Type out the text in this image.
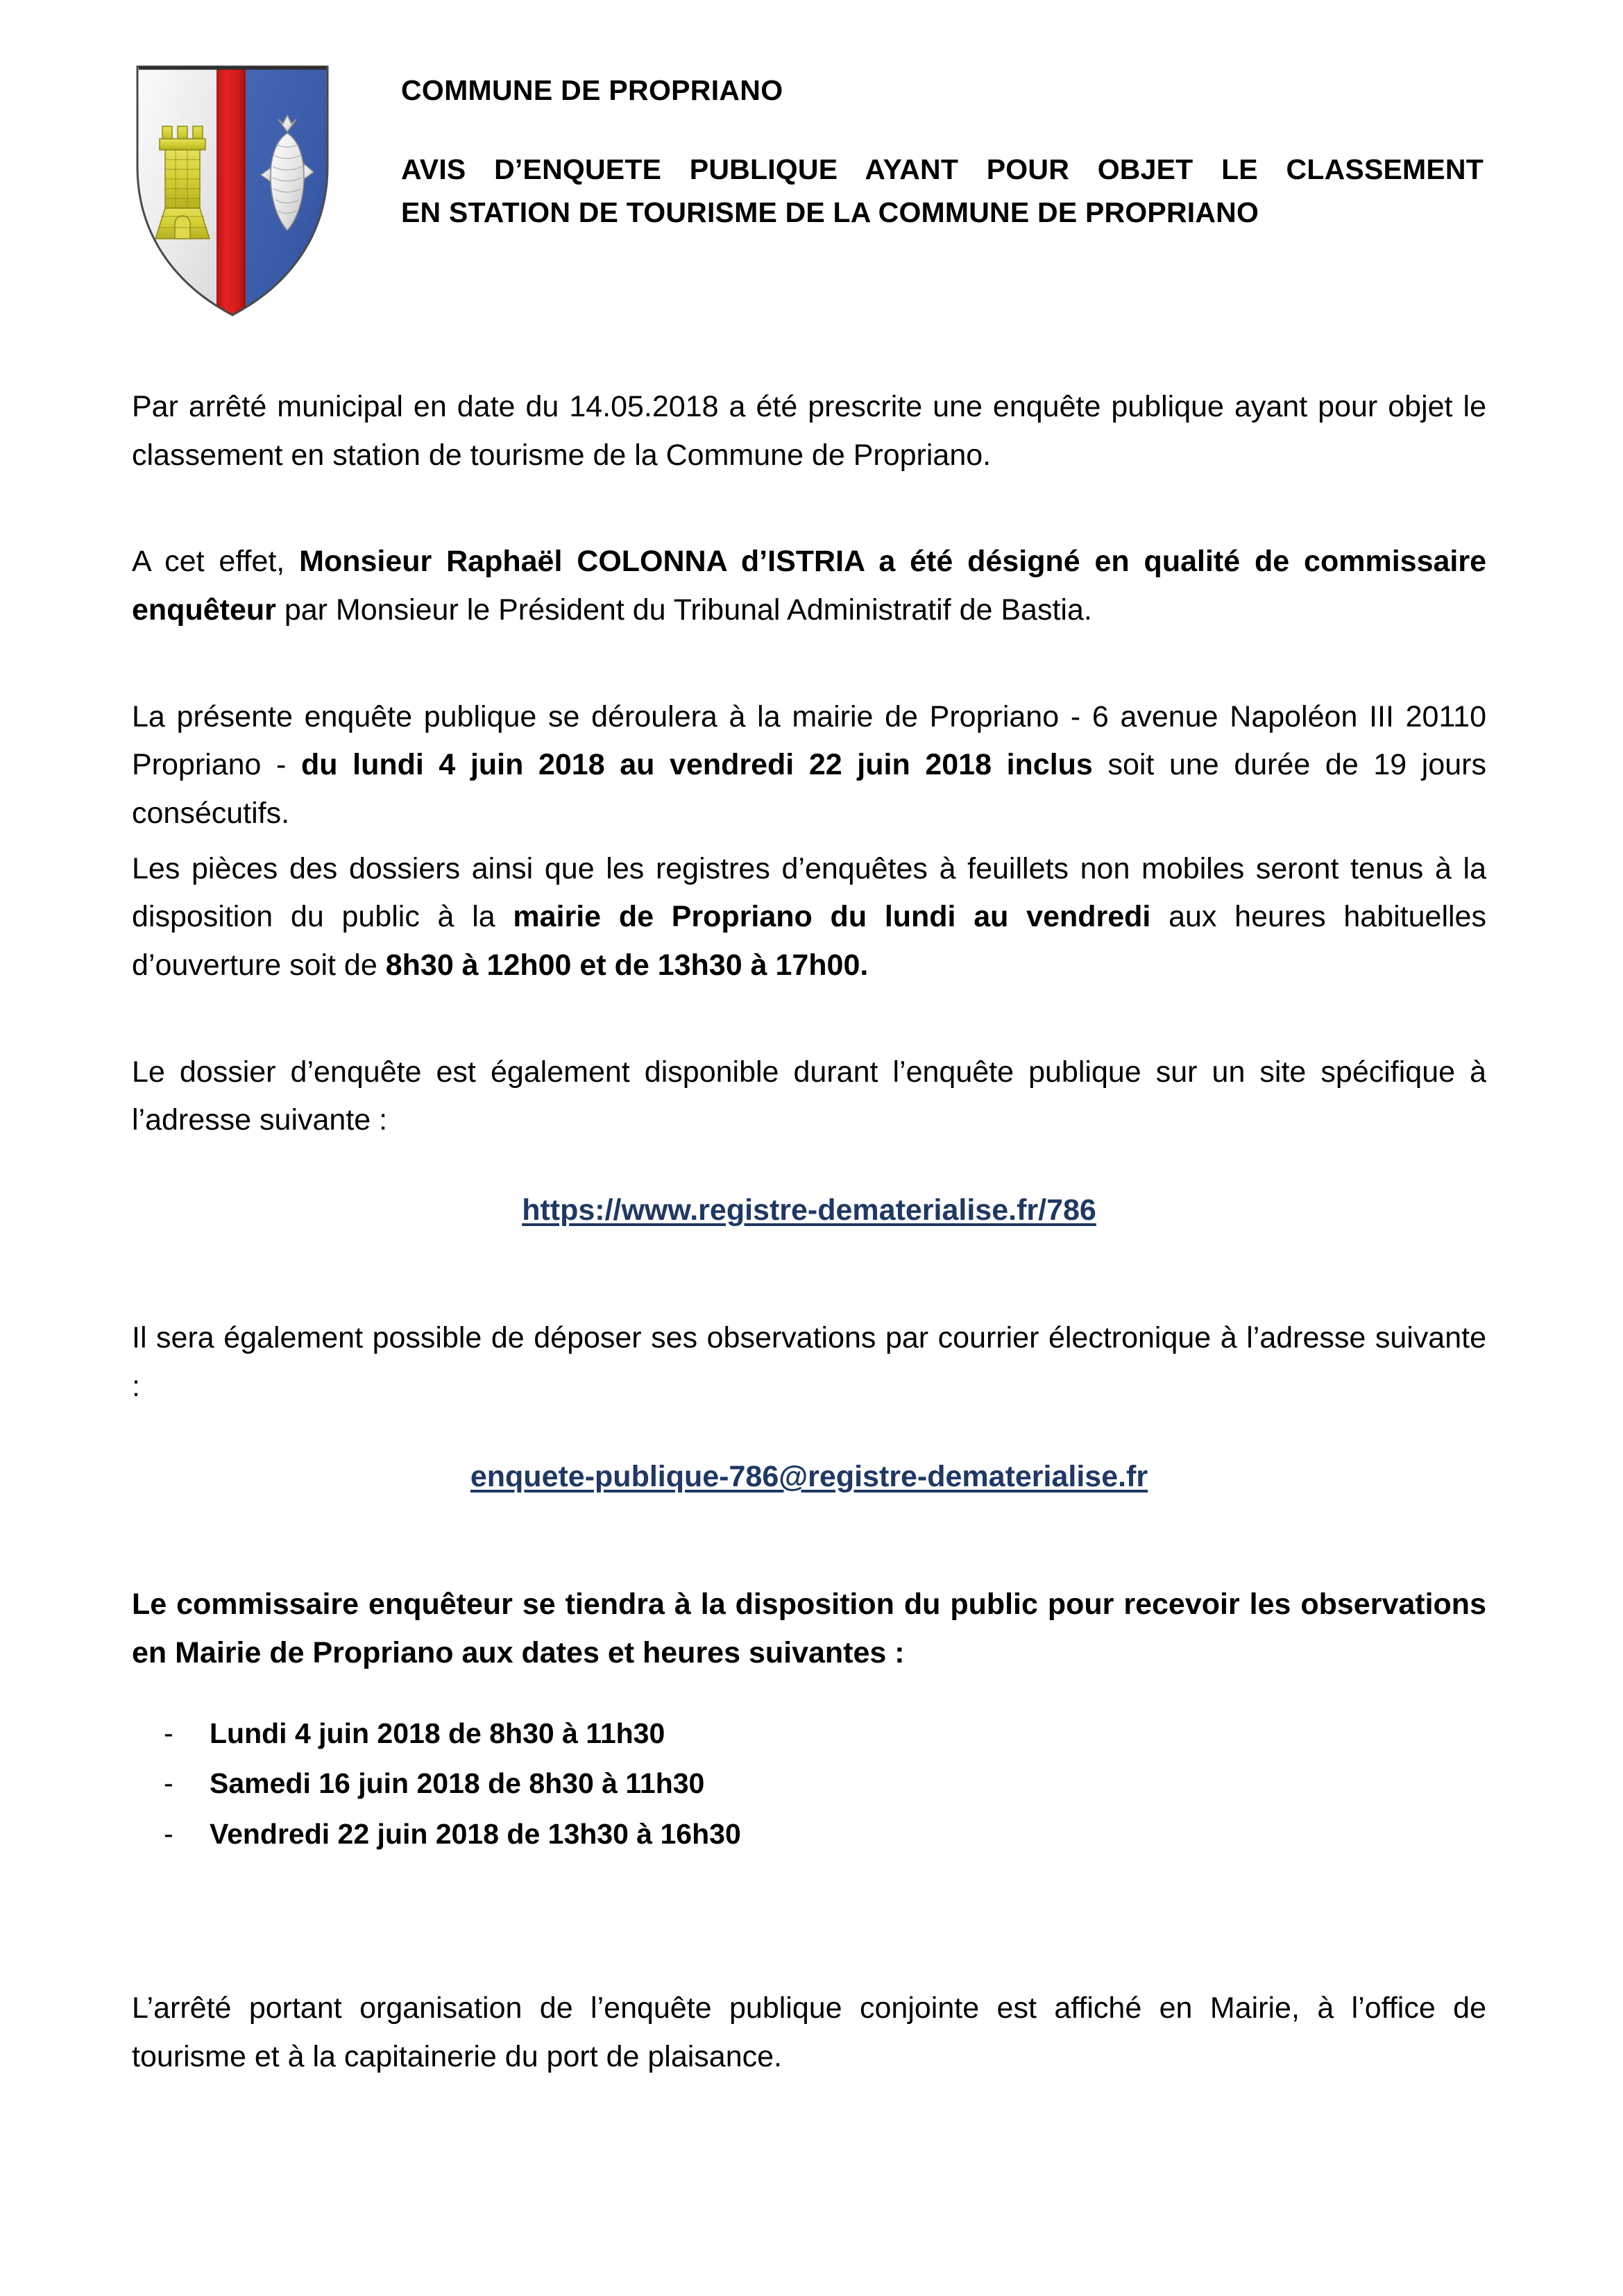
COMMUNE DE PROPRIANO
AVIS D’ENQUETE PUBLIQUE AYANT POUR OBJET LE CLASSEMENT
EN STATION DE TOURISME DE LA COMMUNE DE PROPRIANO

Par arrêté municipal en date du 14.05.2018 a été prescrite une enquête publique ayant pour objet le classement en station de tourisme de la Commune de Propriano.

A cet effet, Monsieur Raphaël COLONNA d’ISTRIA a été désigné en qualité de commissaire enquêteur par Monsieur le Président du Tribunal Administratif de Bastia.

La présente enquête publique se déroulera à la mairie de Propriano - 6 avenue Napoléon III 20110 Propriano - du lundi 4 juin 2018 au vendredi 22 juin 2018 inclus soit une durée de 19 jours consécutifs.

Les pièces des dossiers ainsi que les registres d’enquêtes à feuillets non mobiles seront tenus à la disposition du public à la mairie de Propriano du lundi au vendredi aux heures habituelles d’ouverture soit de 8h30 à 12h00 et de 13h30 à 17h00.

Le dossier d’enquête est également disponible durant l’enquête publique sur un site spécifique à l’adresse suivante :

https://www.registre-dematerialise.fr/786

Il sera également possible de déposer ses observations par courrier électronique à l’adresse suivante :

enquete-publique-786@registre-dematerialise.fr

Le commissaire enquêteur se tiendra à la disposition du public pour recevoir les observations en Mairie de Propriano aux dates et heures suivantes :

- Lundi 4 juin 2018 de 8h30 à 11h30
- Samedi 16 juin 2018 de 8h30 à 11h30
- Vendredi 22 juin 2018 de 13h30 à 16h30

L’arrêté portant organisation de l’enquête publique conjointe est affiché en Mairie, à l’office de tourisme et à la capitainerie du port de plaisance.
